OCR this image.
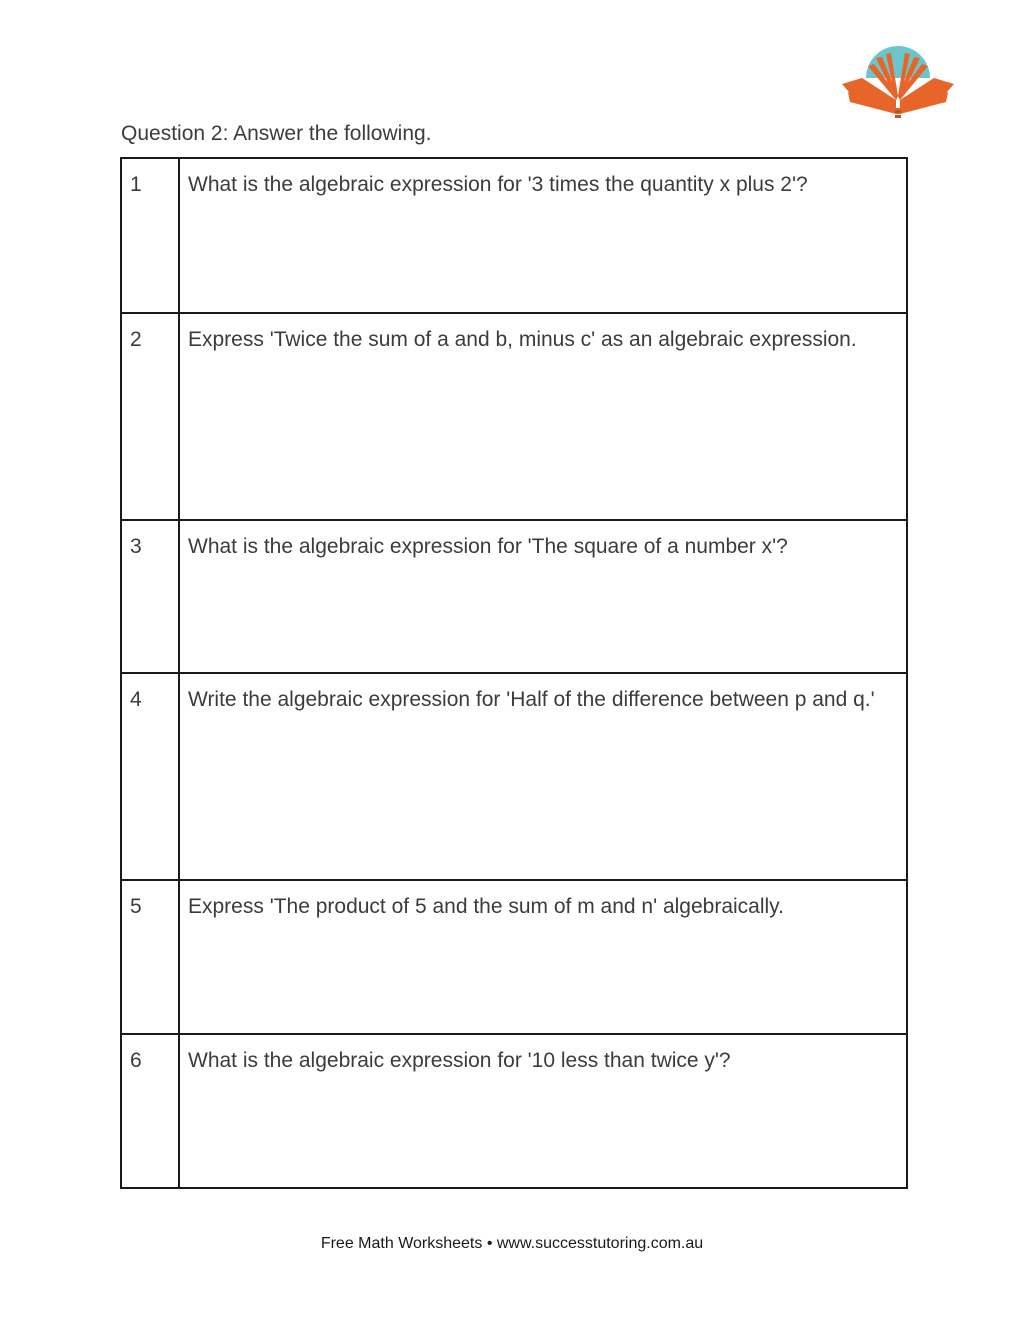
Question 2: Answer the following.
1	What is the algebraic expression for '3 times the quantity x plus 2'?
2	Express 'Twice the sum of a and b, minus c' as an algebraic expression.
3	What is the algebraic expression for 'The square of a number x'?
4	Write the algebraic expression for 'Half of the difference between p and q.'
5	Express 'The product of 5 and the sum of m and n' algebraically.
6	What is the algebraic expression for '10 less than twice y'?
Free Math Worksheets • www.successtutoring.com.au
